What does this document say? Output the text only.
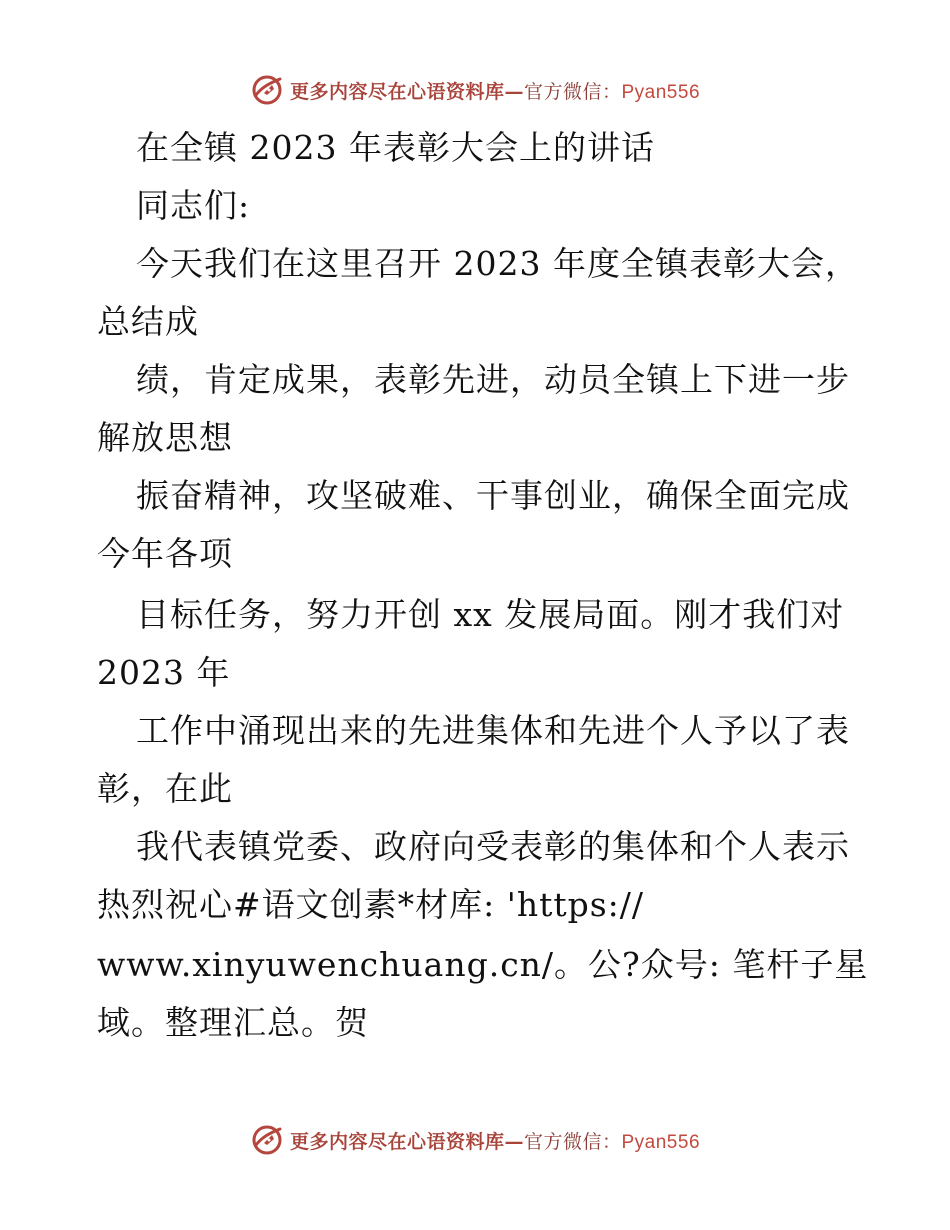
更多内容尽在心语资料库—官方微信：Pyan556
在全镇 2023 年表彰大会上的讲话
同志们:
今天我们在这里召开 2023 年度全镇表彰大会，
总结成
绩，肯定成果，表彰先进，动员全镇上下进一步
解放思想
振奋精神，攻坚破难、干事创业，确保全面完成
今年各项
目标任务，努力开创 xx 发展局面。刚才我们对
2023 年
工作中涌现出来的先进集体和先进个人予以了表
彰，在此
我代表镇党委、政府向受表彰的集体和个人表示
热烈祝心#语文创素*材库: 'https://
www.xinyuwenchuang.cn/。公?众号: 笔杆子星
域。整理汇总。贺
更多内容尽在心语资料库—官方微信：Pyan556
